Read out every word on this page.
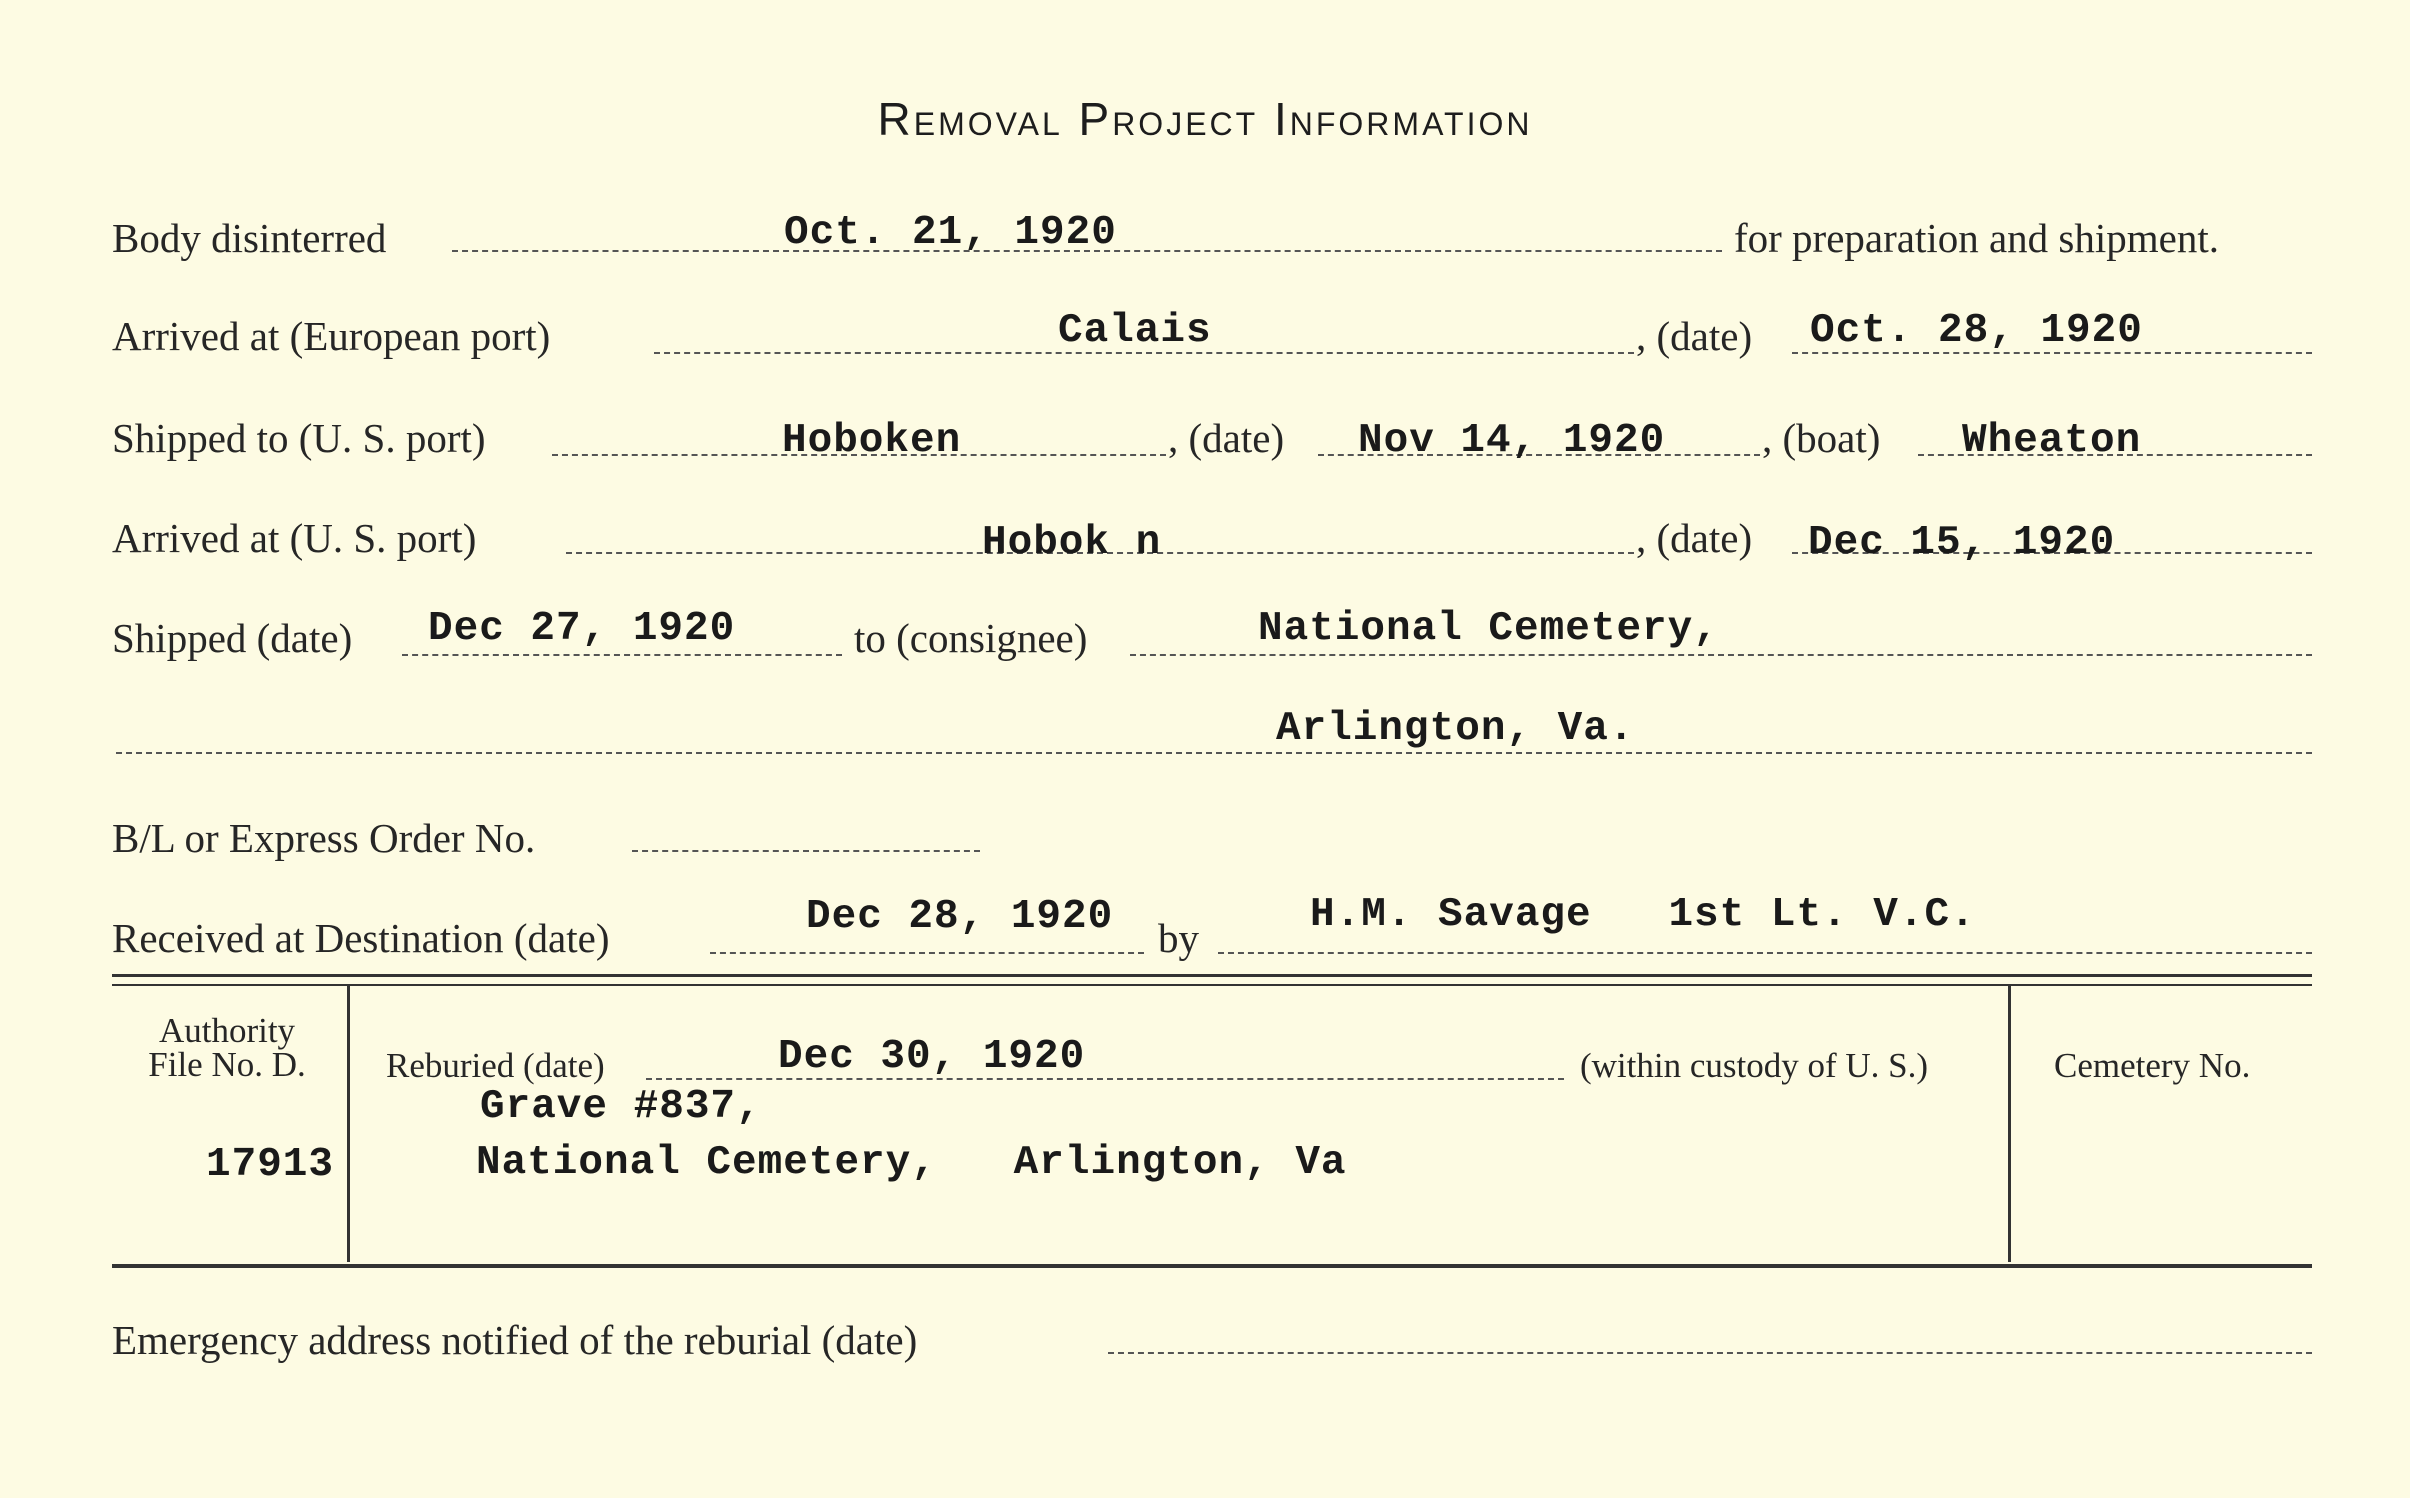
Removal Project Information
Body disinterred	Oct. 21, 1920	for preparation and shipment.
Arrived at (European port)	Calais	, (date) Oct. 28, 1920
Shipped to (U. S. port)	Hoboken	, (date) Nov 14, 1920 , (boat) Wheaton
Arrived at (U. S. port)	Hobok n	, (date) Dec 15, 1920
Shipped (date) Dec 27, 1920	to (consignee)	National Cemetery,
Arlington, Va.
B/L or Express Order No.
Received at Destination (date)	Dec 28, 1920 by	H.M. Savage   1st Lt. V.C.
Authority
File No. D.
17913
Reburied (date)	Dec 30, 1920	(within custody of U. S.)
Grave #837,
National Cemetery,   Arlington, Va
Cemetery No.
Emergency address notified of the reburial (date)
